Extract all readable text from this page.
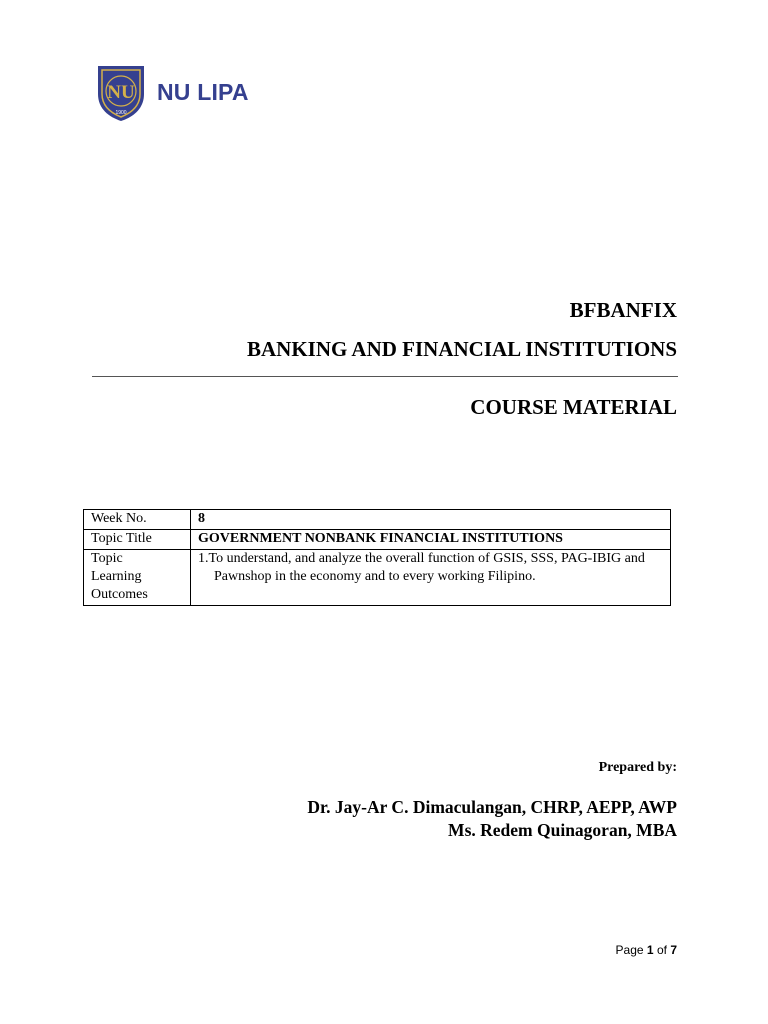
NU
1900
NU LIPA
BFBANFIX
BANKING AND FINANCIAL INSTITUTIONS
COURSE MATERIAL
Week No.	8
Topic Title	GOVERNMENT NONBANK FINANCIAL INSTITUTIONS

Topic
Learning
Outcomes	1.To understand, and analyze the overall function of GSIS, SSS, PAG-IBIG and Pawnshop in the economy and to every working Filipino.
Prepared by:
Dr. Jay-Ar C. Dimaculangan, CHRP, AEPP, AWP
Ms. Redem Quinagoran, MBA
Page 1 of 7
